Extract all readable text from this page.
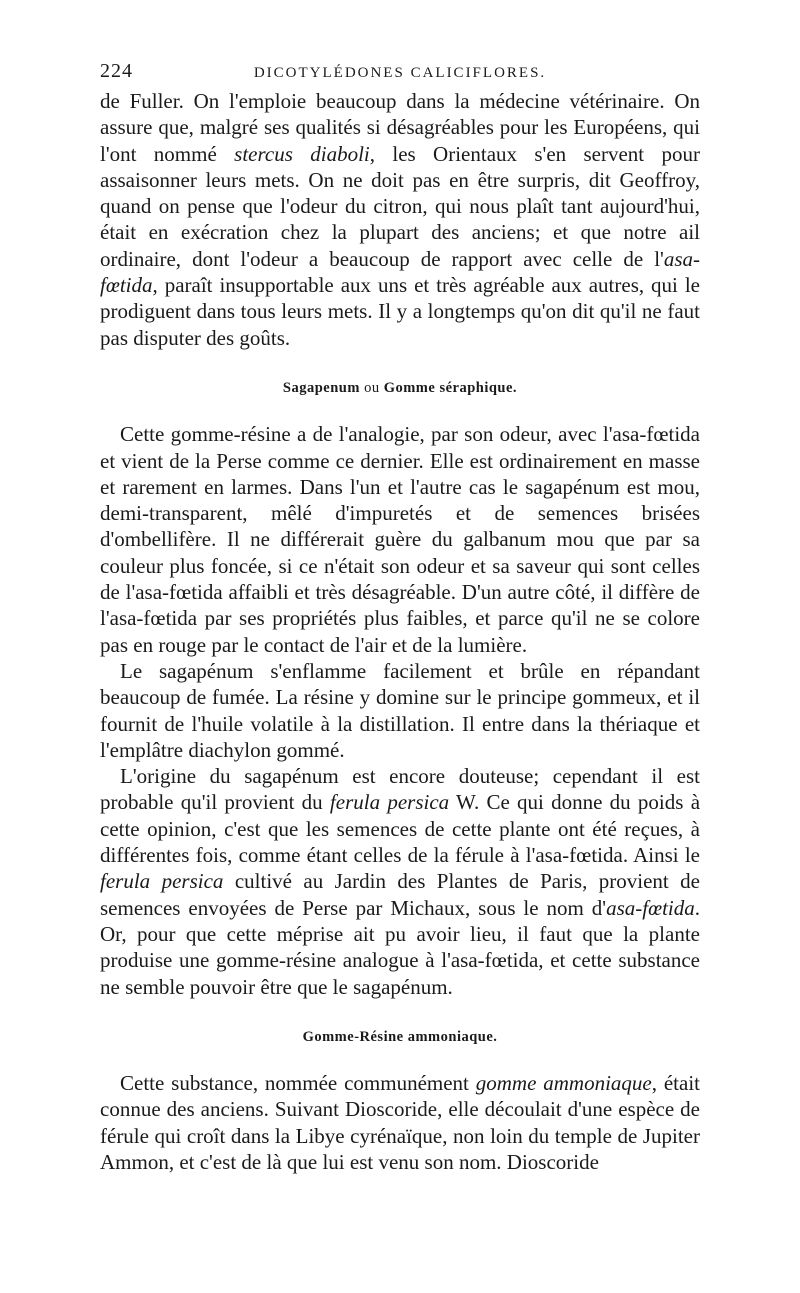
224	DICOTYLÉDONES CALICIFLORES.

de Fuller. On l'emploie beaucoup dans la médecine vétérinaire. On assure que, malgré ses qualités si désagréables pour les Européens, qui l'ont nommé stercus diaboli, les Orientaux s'en servent pour assaisonner leurs mets. On ne doit pas en être surpris, dit Geoffroy, quand on pense que l'odeur du citron, qui nous plaît tant aujourd'hui, était en exécration chez la plupart des anciens; et que notre ail ordinaire, dont l'odeur a beaucoup de rapport avec celle de l'asa-fœtida, paraît insupportable aux uns et très agréable aux autres, qui le prodiguent dans tous leurs mets. Il y a longtemps qu'on dit qu'il ne faut pas disputer des goûts.

Sagapenum ou Gomme séraphique.

Cette gomme-résine a de l'analogie, par son odeur, avec l'asa-fœtida et vient de la Perse comme ce dernier. Elle est ordinairement en masse et rarement en larmes. Dans l'un et l'autre cas le sagapénum est mou, demi-transparent, mêlé d'impuretés et de semences brisées d'ombellifère. Il ne différerait guère du galbanum mou que par sa couleur plus foncée, si ce n'était son odeur et sa saveur qui sont celles de l'asa-fœtida affaibli et très désagréable. D'un autre côté, il diffère de l'asa-fœtida par ses propriétés plus faibles, et parce qu'il ne se colore pas en rouge par le contact de l'air et de la lumière.

Le sagapénum s'enflamme facilement et brûle en répandant beaucoup de fumée. La résine y domine sur le principe gommeux, et il fournit de l'huile volatile à la distillation. Il entre dans la thériaque et l'emplâtre diachylon gommé.

L'origine du sagapénum est encore douteuse; cependant il est probable qu'il provient du ferula persica W. Ce qui donne du poids à cette opinion, c'est que les semences de cette plante ont été reçues, à différentes fois, comme étant celles de la férule à l'asa-fœtida. Ainsi le ferula persica cultivé au Jardin des Plantes de Paris, provient de semences envoyées de Perse par Michaux, sous le nom d'asa-fœtida. Or, pour que cette méprise ait pu avoir lieu, il faut que la plante produise une gomme-résine analogue à l'asa-fœtida, et cette substance ne semble pouvoir être que le sagapénum.

Gomme-Résine ammoniaque.

Cette substance, nommée communément gomme ammoniaque, était connue des anciens. Suivant Dioscoride, elle découlait d'une espèce de férule qui croît dans la Libye cyrénaïque, non loin du temple de Jupiter Ammon, et c'est de là que lui est venu son nom. Dioscoride
